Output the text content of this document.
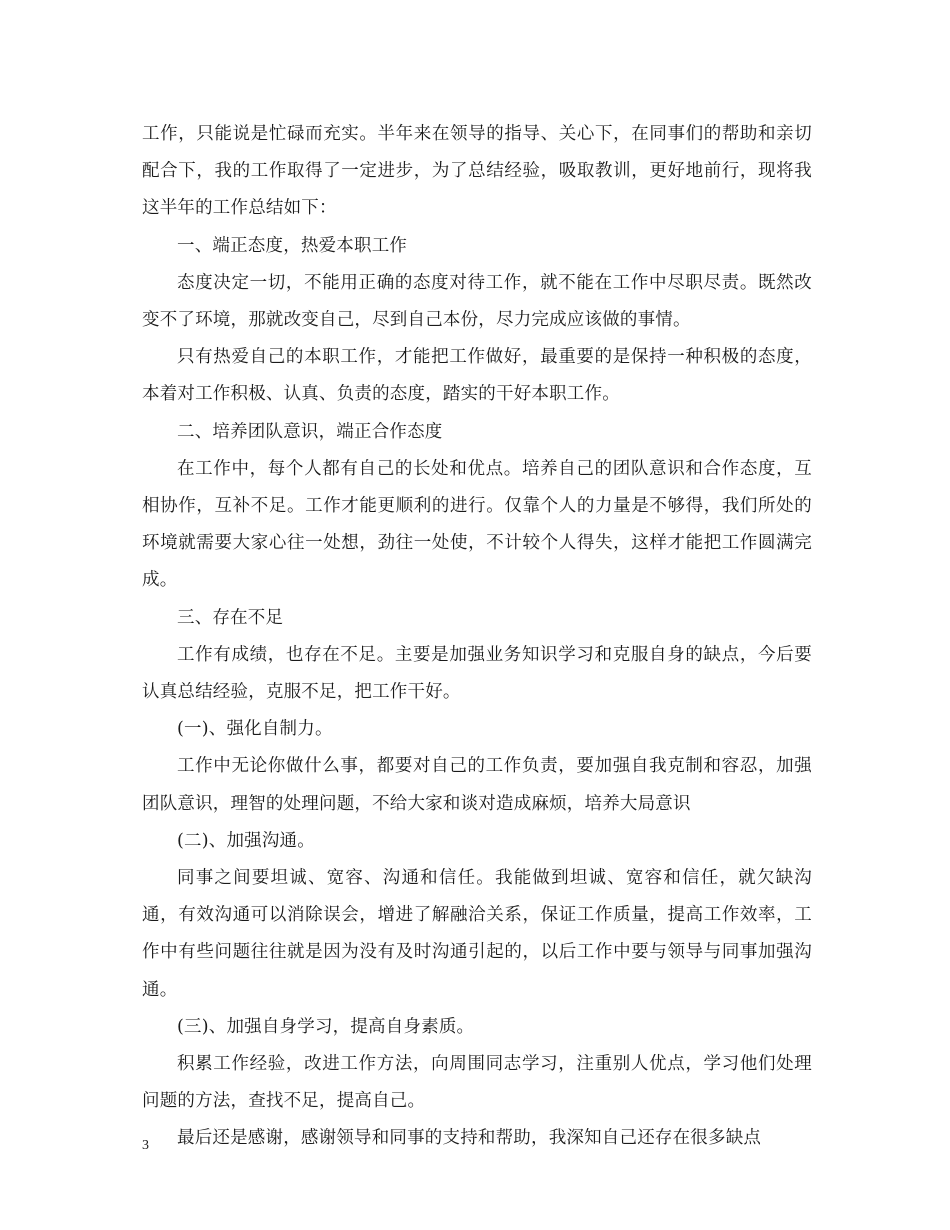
工作，只能说是忙碌而充实。半年来在领导的指导、关心下，在同事们的帮助和亲切配合下，我的工作取得了一定进步，为了总结经验，吸取教训，更好地前行，现将我这半年的工作总结如下：

一、端正态度，热爱本职工作

态度决定一切，不能用正确的态度对待工作，就不能在工作中尽职尽责。既然改变不了环境，那就改变自己，尽到自己本份，尽力完成应该做的事情。

只有热爱自己的本职工作，才能把工作做好，最重要的是保持一种积极的态度，本着对工作积极、认真、负责的态度，踏实的干好本职工作。

二、培养团队意识，端正合作态度

在工作中，每个人都有自己的长处和优点。培养自己的团队意识和合作态度，互相协作，互补不足。工作才能更顺利的进行。仅靠个人的力量是不够得，我们所处的环境就需要大家心往一处想，劲往一处使，不计较个人得失，这样才能把工作圆满完成。

三、存在不足

工作有成绩，也存在不足。主要是加强业务知识学习和克服自身的缺点，今后要认真总结经验，克服不足，把工作干好。

(一)、强化自制力。

工作中无论你做什么事，都要对自己的工作负责，要加强自我克制和容忍，加强团队意识，理智的处理问题，不给大家和谈对造成麻烦，培养大局意识

(二)、加强沟通。

同事之间要坦诚、宽容、沟通和信任。我能做到坦诚、宽容和信任，就欠缺沟通，有效沟通可以消除误会，增进了解融洽关系，保证工作质量，提高工作效率，工作中有些问题往往就是因为没有及时沟通引起的，以后工作中要与领导与同事加强沟通。

(三)、加强自身学习，提高自身素质。

积累工作经验，改进工作方法，向周围同志学习，注重别人优点，学习他们处理问题的方法，查找不足，提高自己。

最后还是感谢，感谢领导和同事的支持和帮助，我深知自己还存在很多缺点

3
